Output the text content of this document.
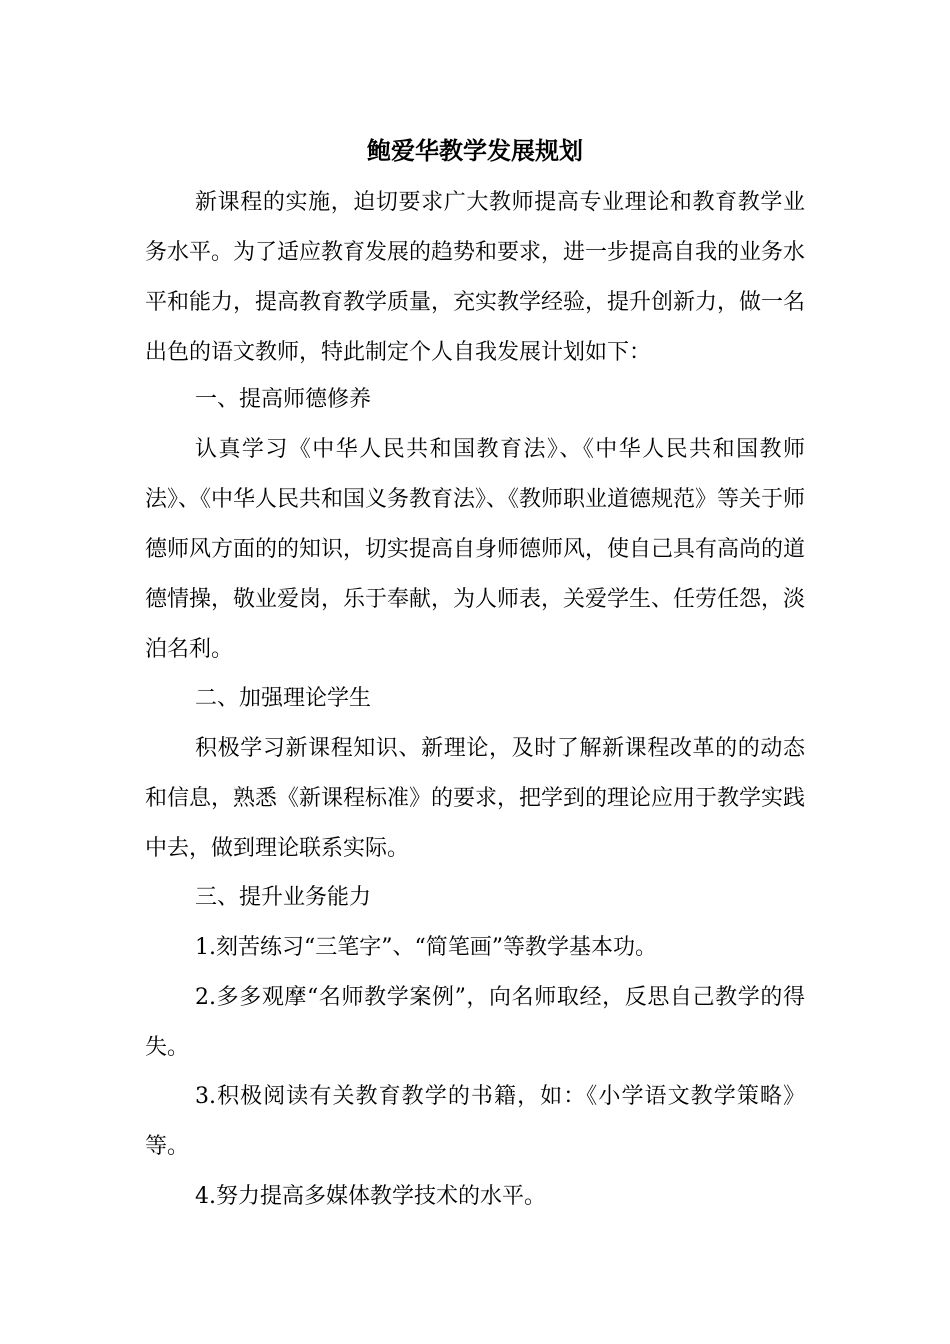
鲍爱华教学发展规划

新课程的实施，迫切要求广大教师提高专业理论和教育教学业务水平。为了适应教育发展的趋势和要求，进一步提高自我的业务水平和能力，提高教育教学质量，充实教学经验，提升创新力，做一名出色的语文教师，特此制定个人自我发展计划如下：

一、提高师德修养

认真学习《中华人民共和国教育法》、《中华人民共和国教师法》、《中华人民共和国义务教育法》、《教师职业道德规范》等关于师德师风方面的的知识，切实提高自身师德师风，使自己具有高尚的道德情操，敬业爱岗，乐于奉献，为人师表，关爱学生、任劳任怨，淡泊名利。

二、加强理论学生

积极学习新课程知识、新理论，及时了解新课程改革的的动态和信息，熟悉《新课程标准》的要求，把学到的理论应用于教学实践中去，做到理论联系实际。

三、提升业务能力

1.刻苦练习“三笔字”、“简笔画”等教学基本功。

2.多多观摩“名师教学案例”，向名师取经，反思自己教学的得失。

3.积极阅读有关教育教学的书籍，如：《小学语文教学策略》等。

4.努力提高多媒体教学技术的水平。
